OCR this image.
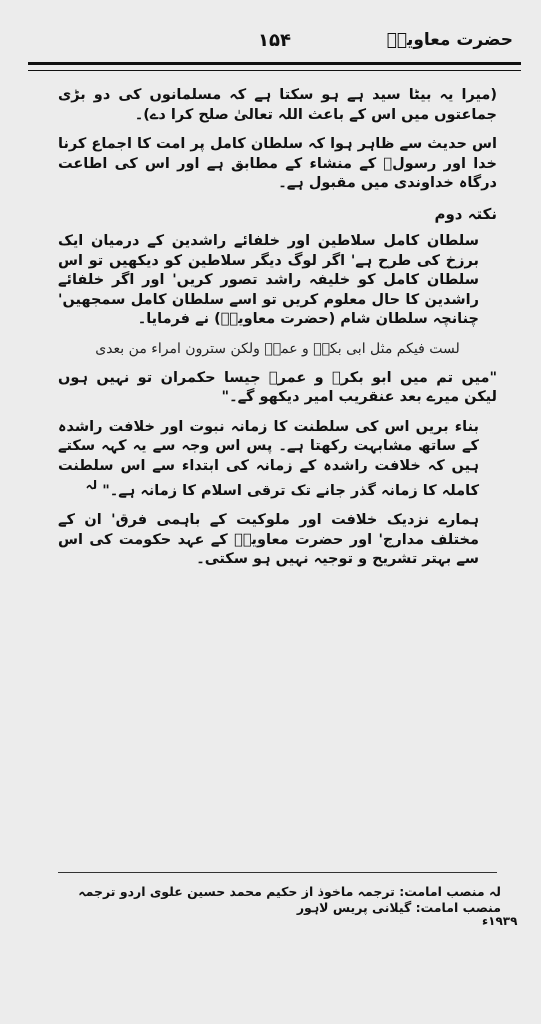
حضرت معاویہؓ
۱۵۴

(میرا یہ بیٹا سید ہے ہو سکتا ہے کہ مسلمانوں کی دو بڑی جماعتوں میں اس کے باعث اللہ تعالیٰ صلح کرا دے)۔

اس حدیث سے ظاہر ہوا کہ سلطان کامل پر امت کا اجماع کرنا خدا اور رسولؐ کے منشاء کے مطابق ہے اور اس کی اطاعت درگاہ خداوندی میں مقبول ہے۔

نکتہ دوم

سلطان کامل سلاطین اور خلفائے راشدین کے درمیان ایک برزخ کی طرح ہے' اگر لوگ دیگر سلاطین کو دیکھیں تو اس سلطان کامل کو خلیفہ راشد تصور کریں' اور اگر خلفائے راشدین کا حال معلوم کریں تو اسے سلطان کامل سمجھیں' چنانچہ سلطان شام (حضرت معاویہؓ) نے فرمایا۔

لست فیکم مثل ابی بکرؓ و عمرؓ ولکن سترون امراء من بعدی

"میں تم میں ابو بکرؓ و عمرؓ جیسا حکمران تو نہیں ہوں لیکن میرے بعد عنقریب امیر دیکھو گے۔"

بناء بریں اس کی سلطنت کا زمانہ نبوت اور خلافت راشدہ کے ساتھ مشابہت رکھتا ہے۔ پس اس وجہ سے یہ کہہ سکتے ہیں کہ خلافت راشدہ کے زمانہ کی ابتداء سے اس سلطنت کاملہ کا زمانہ گذر جانے تک ترقی اسلام کا زمانہ ہے۔" $^{لہ}$

ہمارے نزدیک خلافت اور ملوکیت کے باہمی فرق' ان کے مختلف مدارج' اور حضرت معاویہؓ کے عہد حکومت کی اس سے بہتر تشریح و توجیہ نہیں ہو سکتی۔

لہ منصب امامت: ترجمہ ماخوذ از حکیم محمد حسین علوی اردو ترجمہ منصب امامت: گیلانی پریس لاہور
۱۹۳۹ء
